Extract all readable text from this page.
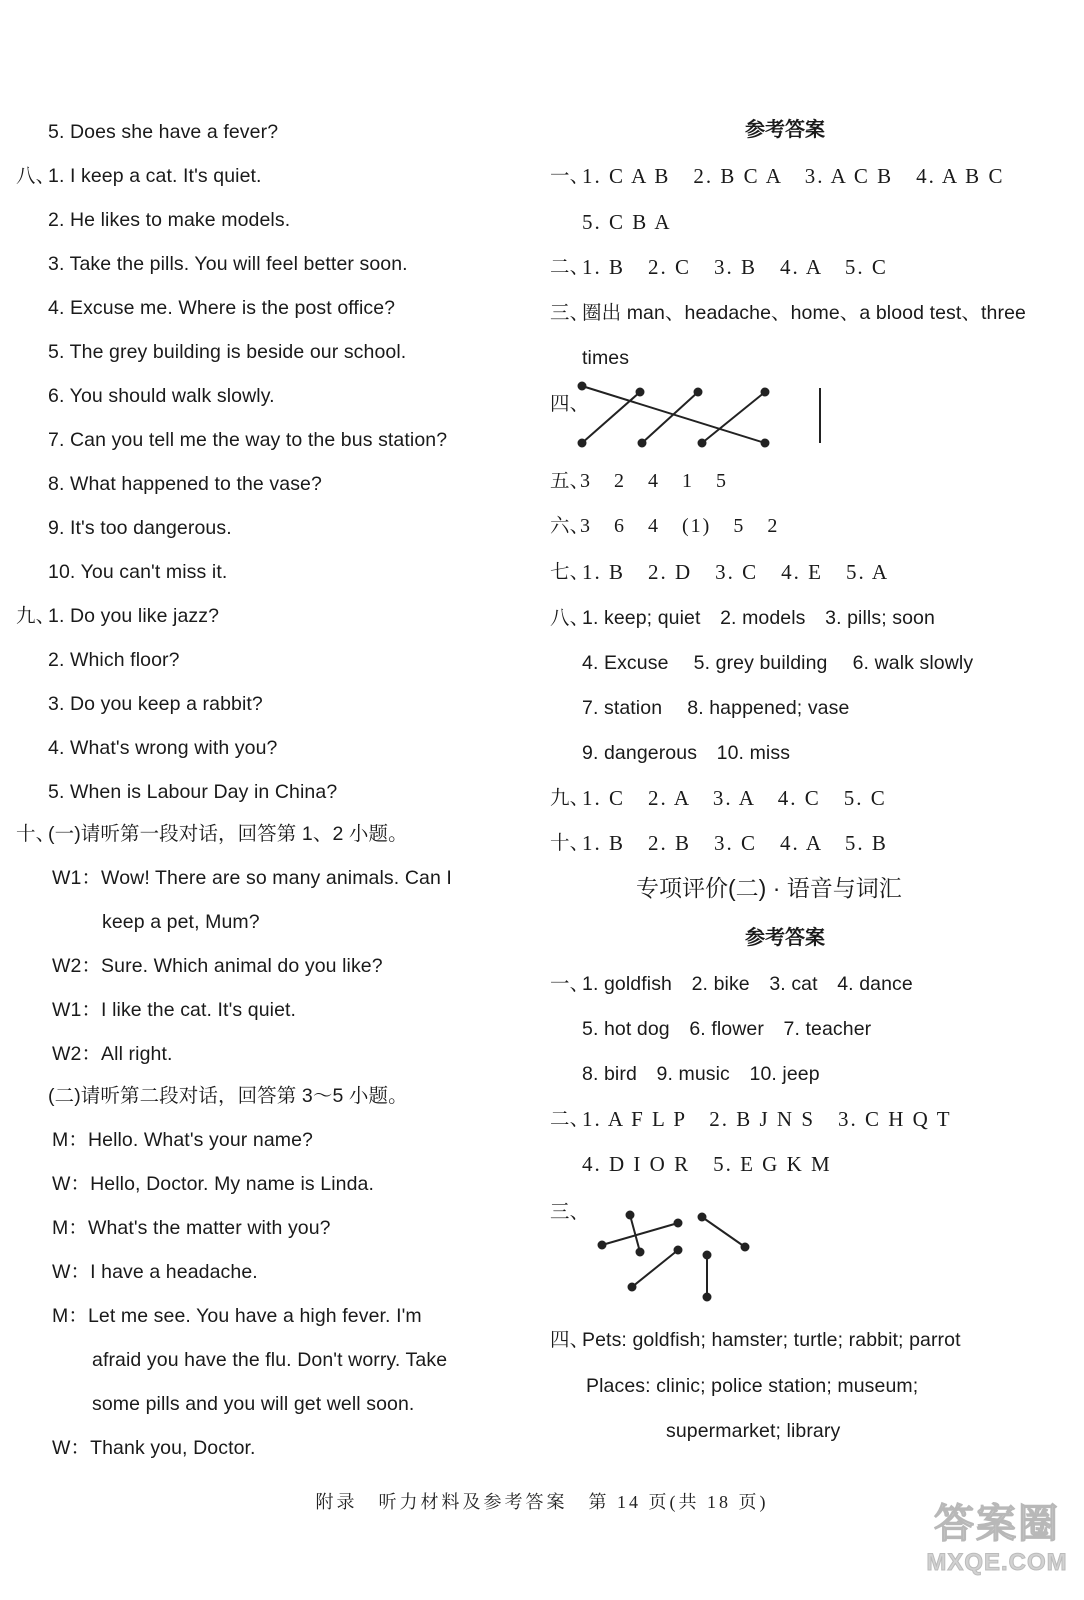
5. Does she have a fever?
八、
1. I keep a cat. It's quiet.
2. He likes to make models.
3. Take the pills. You will feel better soon.
4. Excuse me. Where is the post office?
5. The grey building is beside our school.
6. You should walk slowly.
7. Can you tell me the way to the bus station?
8. What happened to the vase?
9. It's too dangerous.
10. You can't miss it.
九、
1. Do you like jazz?
2. Which floor?
3. Do you keep a rabbit?
4. What's wrong with you?
5. When is Labour Day in China?
十、
(一)请听第一段对话，回答第 1、2 小题。
W1：Wow! There are so many animals. Can I
keep a pet, Mum?
W2：Sure. Which animal do you like?
W1：I like the cat. It's quiet.
W2：All right.
(二)请听第二段对话，回答第 3～5 小题。
M：Hello. What's your name?
W：Hello, Doctor. My name is Linda.
M：What's the matter with you?
W：I have a headache.
M：Let me see. You have a high fever. I'm
afraid you have the flu. Don't worry. Take
some pills and you will get well soon.
W：Thank you, Doctor.
参考答案
一、
1. C A B　2. B C A　3. A C B　4. A B C
5. C B A
二、
1. B　2. C　3. B　4. A　5. C
三、
圈出 man、headache、home、a blood test、three
times
四、
五、
3　2　4　1　5
六、
3　6　4　(1)　5　2
七、
1. B　2. D　3. C　4. E　5. A
八、
1. keep; quiet　2. models　3. pills; soon
4. Excuse　 5. grey building　 6. walk slowly
7. station　 8. happened; vase
9. dangerous　10. miss
九、
1. C　2. A　3. A　4. C　5. C
十、
1. B　2. B　3. C　4. A　5. B
专项评价(二) · 语音与词汇
参考答案
一、
1. goldfish　2. bike　3. cat　4. dance
5. hot dog　6. flower　7. teacher
8. bird　9. music　10. jeep
二、
1. A F L P　2. B J N S　3. C H Q T
4. D I O R　5. E G K M
三、
四、
Pets: goldfish; hamster; turtle; rabbit; parrot
Places: clinic; police station; museum;
supermarket; library
附录　听力材料及参考答案　第 14 页(共 18 页)	答案圈
MXQE.COM
